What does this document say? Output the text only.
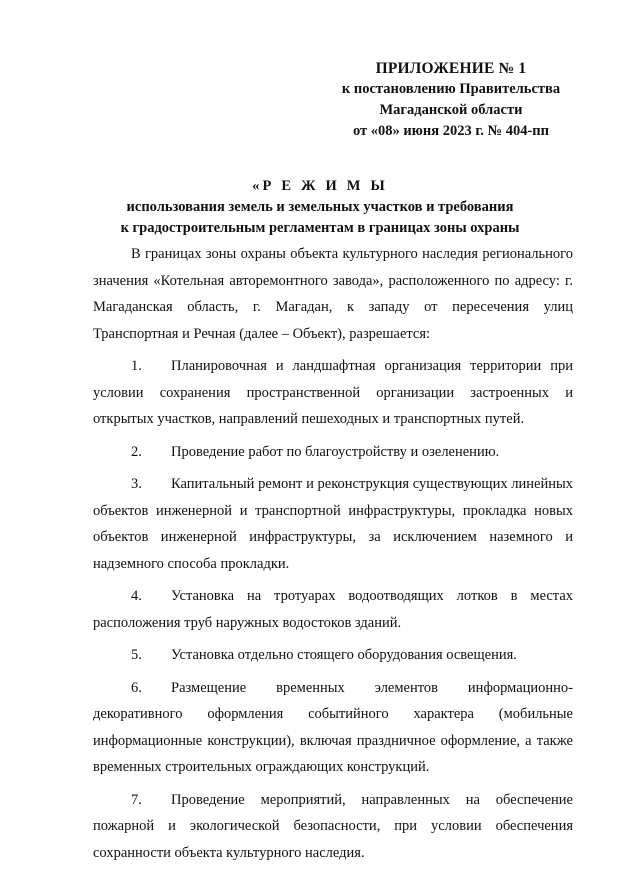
ПРИЛОЖЕНИЕ № 1
к постановлению Правительства
Магаданской области
от «08» июня 2023 г. № 404-пп
«Р Е Ж И М Ы
использования земель и земельных участков и требования
к градостроительным регламентам в границах зоны охраны

В границах зоны охраны объекта культурного наследия регионального значения «Котельная авторемонтного завода», расположенного по адресу: г. Магаданская область, г. Магадан, к западу от пересечения улиц Транспортная и Речная (далее – Объект), разрешается:

1. Планировочная и ландшафтная организация территории при условии сохранения пространственной организации застроенных и открытых участков, направлений пешеходных и транспортных путей.

2. Проведение работ по благоустройству и озеленению.

3. Капитальный ремонт и реконструкция существующих линейных объектов инженерной и транспортной инфраструктуры, прокладка новых объектов инженерной инфраструктуры, за исключением наземного и надземного способа прокладки.

4. Установка на тротуарах водоотводящих лотков в местах расположения труб наружных водостоков зданий.

5. Установка отдельно стоящего оборудования освещения.

6. Размещение временных элементов информационно-декоративного оформления событийного характера (мобильные информационные конструкции), включая праздничное оформление, а также временных строительных ограждающих конструкций.

7. Проведение мероприятий, направленных на обеспечение пожарной и экологической безопасности, при условии обеспечения сохранности объекта культурного наследия.
